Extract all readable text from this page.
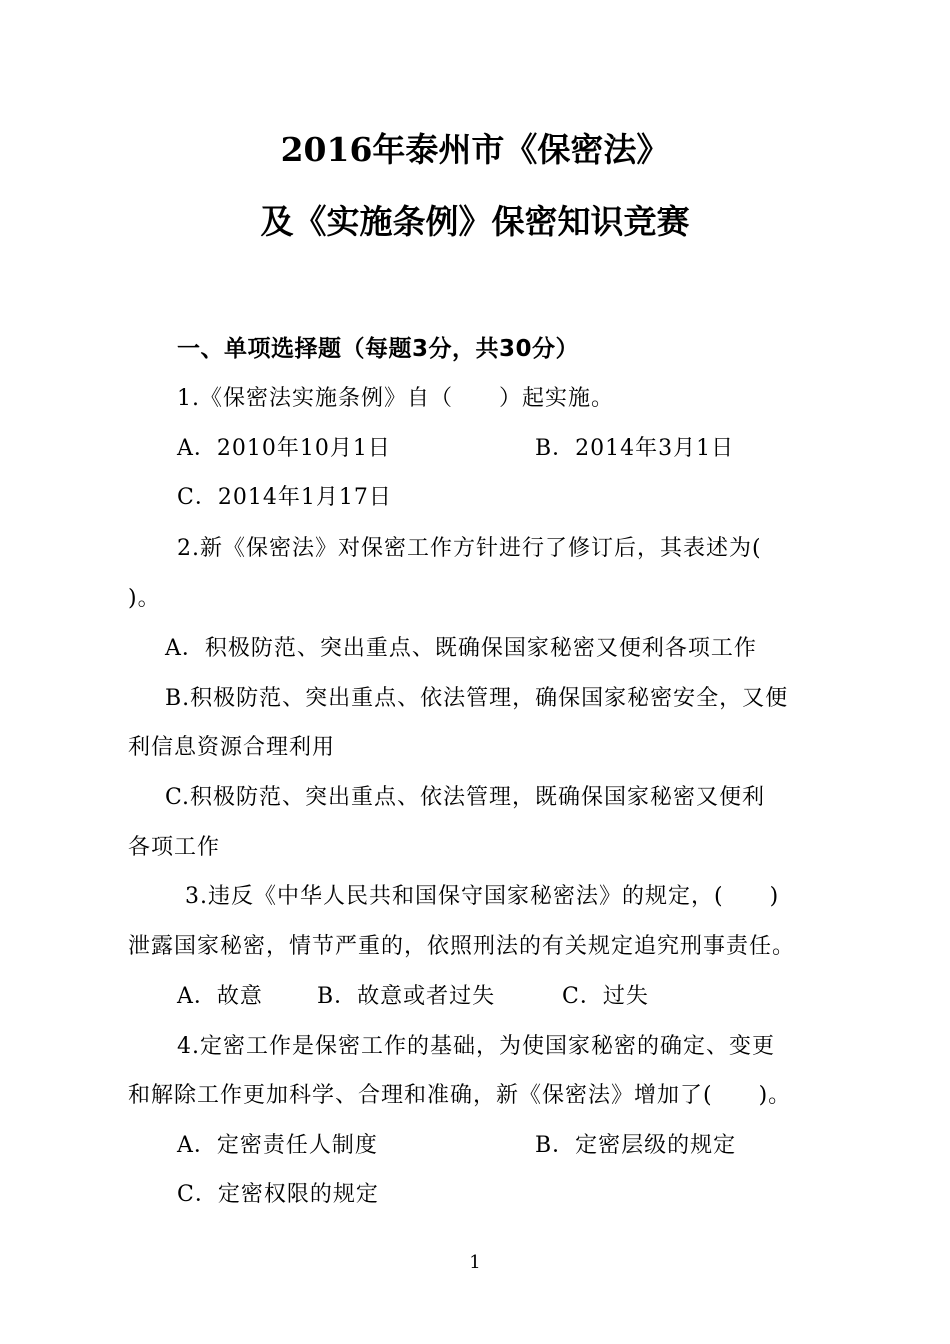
2016年泰州市《保密法》
及《实施条例》保密知识竞赛
一、单项选择题（每题3分，共30分）
1.《保密法实施条例》自（　　）起实施。
A．2010年10月1日	B．2014年3月1日
C．2014年1月17日
2.新《保密法》对保密工作方针进行了修订后，其表述为(
)。
A．积极防范、突出重点、既确保国家秘密又便利各项工作
B.积极防范、突出重点、依法管理，确保国家秘密安全，又便
利信息资源合理利用
C.积极防范、突出重点、依法管理，既确保国家秘密又便利
各项工作
3.违反《中华人民共和国保守国家秘密法》的规定，(　　)
泄露国家秘密，情节严重的，依照刑法的有关规定追究刑事责任。
A．故意 B．故意或者过失	C．过失
4.定密工作是保密工作的基础，为使国家秘密的确定、变更
和解除工作更加科学、合理和准确，新《保密法》增加了(　　)。
A．定密责任人制度	B．定密层级的规定
C．定密权限的规定
1
